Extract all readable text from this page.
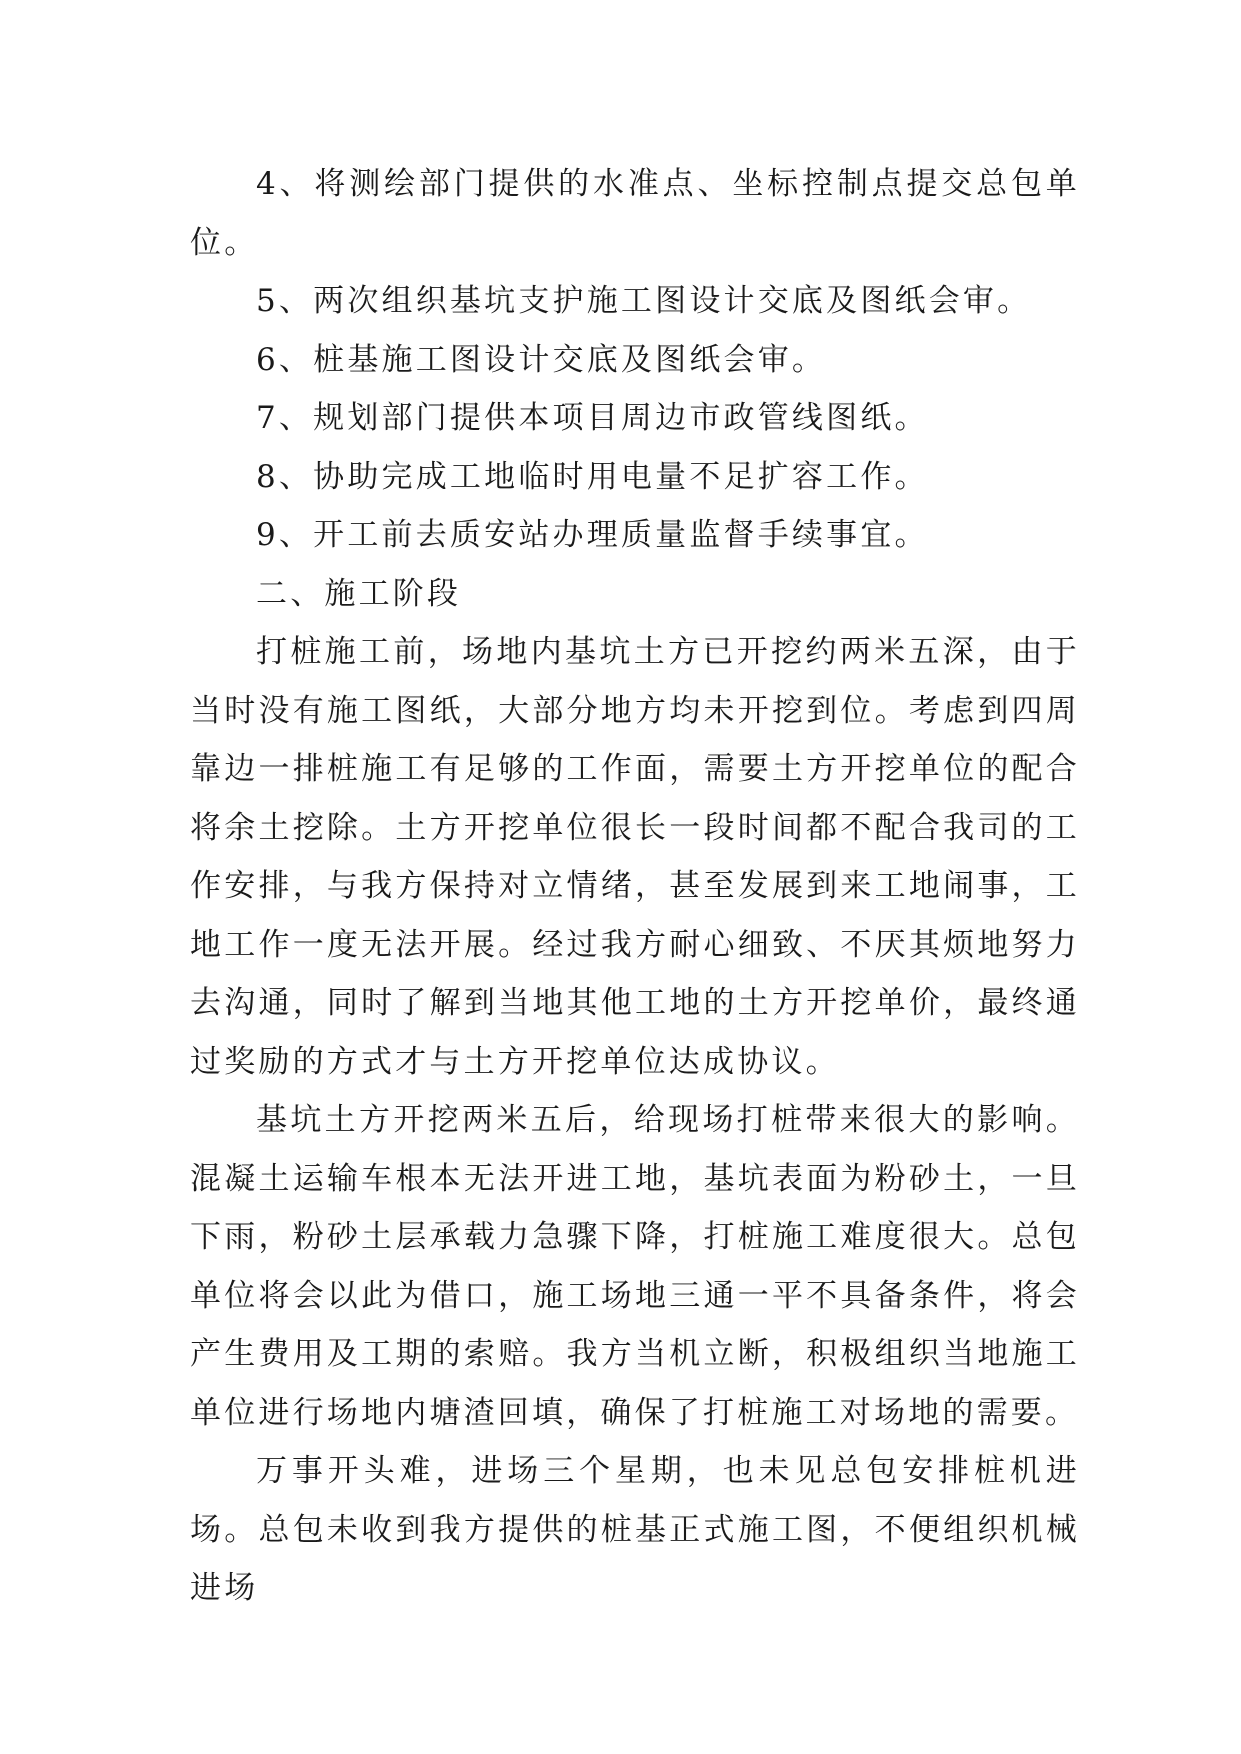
4、将测绘部门提供的水准点、坐标控制点提交总包单位。

5、两次组织基坑支护施工图设计交底及图纸会审。

6、桩基施工图设计交底及图纸会审。

7、规划部门提供本项目周边市政管线图纸。

8、协助完成工地临时用电量不足扩容工作。

9、开工前去质安站办理质量监督手续事宜。

二、施工阶段

打桩施工前，场地内基坑土方已开挖约两米五深，由于当时没有施工图纸，大部分地方均未开挖到位。考虑到四周靠边一排桩施工有足够的工作面，需要土方开挖单位的配合将余土挖除。土方开挖单位很长一段时间都不配合我司的工作安排，与我方保持对立情绪，甚至发展到来工地闹事，工地工作一度无法开展。经过我方耐心细致、不厌其烦地努力去沟通，同时了解到当地其他工地的土方开挖单价，最终通过奖励的方式才与土方开挖单位达成协议。

基坑土方开挖两米五后，给现场打桩带来很大的影响。混凝土运输车根本无法开进工地，基坑表面为粉砂土，一旦下雨，粉砂土层承载力急骤下降，打桩施工难度很大。总包单位将会以此为借口，施工场地三通一平不具备条件，将会产生费用及工期的索赔。我方当机立断，积极组织当地施工单位进行场地内塘渣回填，确保了打桩施工对场地的需要。

万事开头难，进场三个星期，也未见总包安排桩机进场。总包未收到我方提供的桩基正式施工图，不便组织机械进场
